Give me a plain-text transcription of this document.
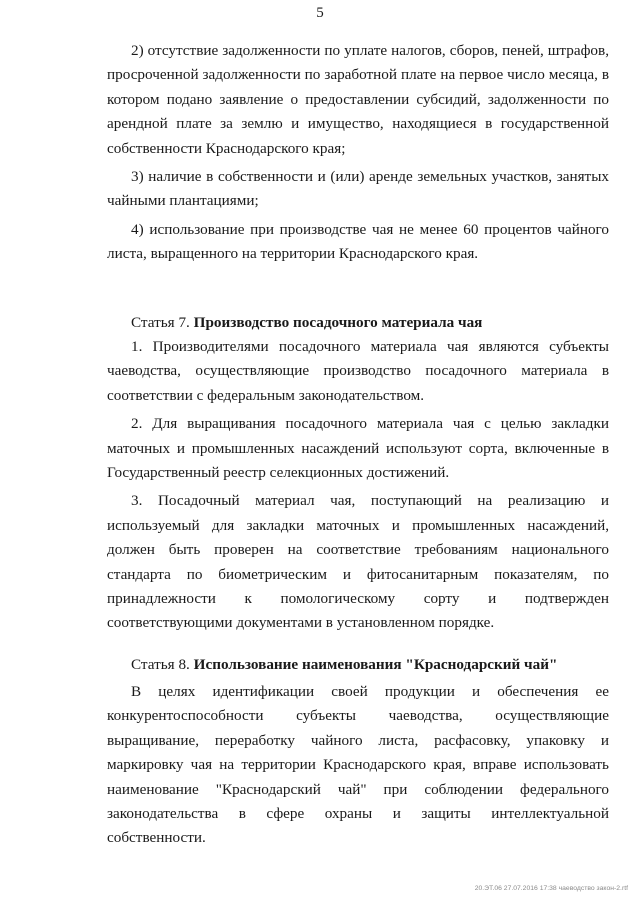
5

2) отсутствие задолженности по уплате налогов, сборов, пеней, штрафов, просроченной задолженности по заработной плате на первое число месяца, в котором подано заявление о предоставлении субсидий, задолженности по арендной плате за землю и имущество, находящиеся в государственной собственности Краснодарского края;

3) наличие в собственности и (или) аренде земельных участков, занятых чайными плантациями;

4) использование при производстве чая не менее 60 процентов чайного листа, выращенного на территории Краснодарского края.

Статья 7. Производство посадочного материала чая

1. Производителями посадочного материала чая являются субъекты чаеводства, осуществляющие производство посадочного материала в соответствии с федеральным законодательством.

2. Для выращивания посадочного материала чая с целью закладки маточных и промышленных насаждений используют сорта, включенные в Государственный реестр селекционных достижений.

3. Посадочный материал чая, поступающий на реализацию и используемый для закладки маточных и промышленных насаждений, должен быть проверен на соответствие требованиям национального стандарта по биометрическим и фитосанитарным показателям, по принадлежности к помологическому сорту и подтвержден соответствующими документами в установленном порядке.

Статья 8. Использование наименования "Краснодарский чай"

В целях идентификации своей продукции и обеспечения ее конкурентоспособности субъекты чаеводства, осуществляющие выращивание, переработку чайного листа, расфасовку, упаковку и маркировку чая на территории Краснодарского края, вправе использовать наименование "Краснодарский чай" при соблюдении федерального законодательства в сфере охраны и защиты интеллектуальной собственности.

20.ЭТ.06 27.07.2016 17:38 чаеводство закон-2.rtf
